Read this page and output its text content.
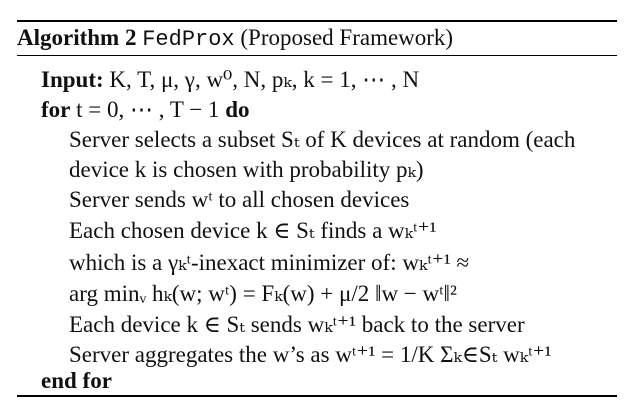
Algorithm 2 FedProx (Proposed Framework)
Input: K, T, μ, γ, w⁰, N, pₖ, k = 1, ⋯ , N
for t = 0, ⋯ , T − 1 do
Server selects a subset Sₜ of K devices at random (each
device k is chosen with probability pₖ)
Server sends wᵗ to all chosen devices
Each chosen device k ∈ Sₜ finds a wₖᵗ⁺¹
which is a γₖᵗ-inexact minimizer of: wₖᵗ⁺¹ ≈
arg minᵥ hₖ(w; wᵗ) = Fₖ(w) + μ/2 ‖w − wᵗ‖²
Each device k ∈ Sₜ sends wₖᵗ⁺¹ back to the server
Server aggregates the w’s as wᵗ⁺¹ = 1/K Σₖ∈Sₜ wₖᵗ⁺¹
end for
